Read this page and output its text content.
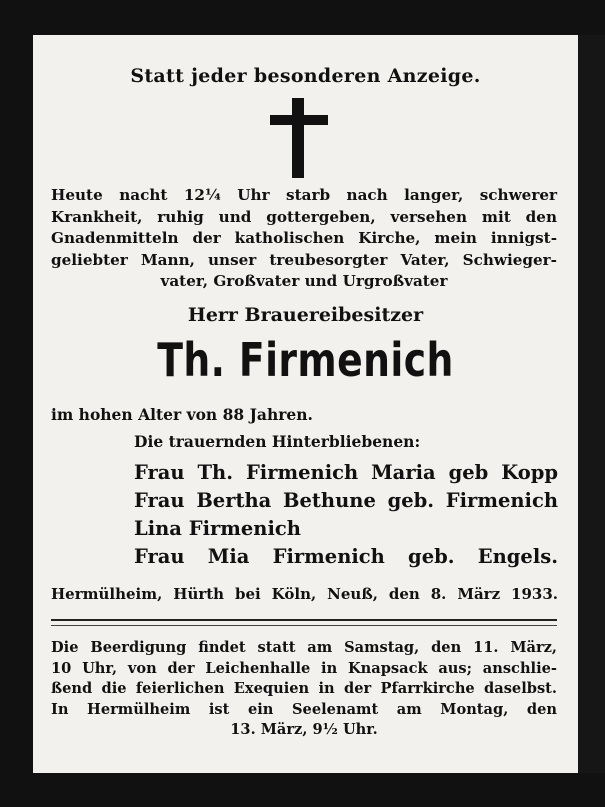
Statt jeder besonderen Anzeige.
Heute nacht 12¼ Uhr starb nach langer, schwerer
Krankheit, ruhig und gottergeben, versehen mit den
Gnadenmitteln der katholischen Kirche, mein innigst-
geliebter Mann, unser treubesorgter Vater, Schwieger-
vater, Großvater und Urgroßvater
Herr Brauereibesitzer
Th. Firmenich
im hohen Alter von 88 Jahren.
Die trauernden Hinterbliebenen:
Frau Th. Firmenich Maria geb Kopp
Frau Bertha Bethune geb. Firmenich
Lina Firmenich
Frau Mia Firmenich geb. Engels.
Hermülheim, Hürth bei Köln, Neuß, den 8. März 1933.
Die Beerdigung findet statt am Samstag, den 11. März,
10 Uhr, von der Leichenhalle in Knapsack aus; anschlie-
ßend die feierlichen Exequien in der Pfarrkirche daselbst.
In Hermülheim ist ein Seelenamt am Montag, den
13. März, 9½ Uhr.
